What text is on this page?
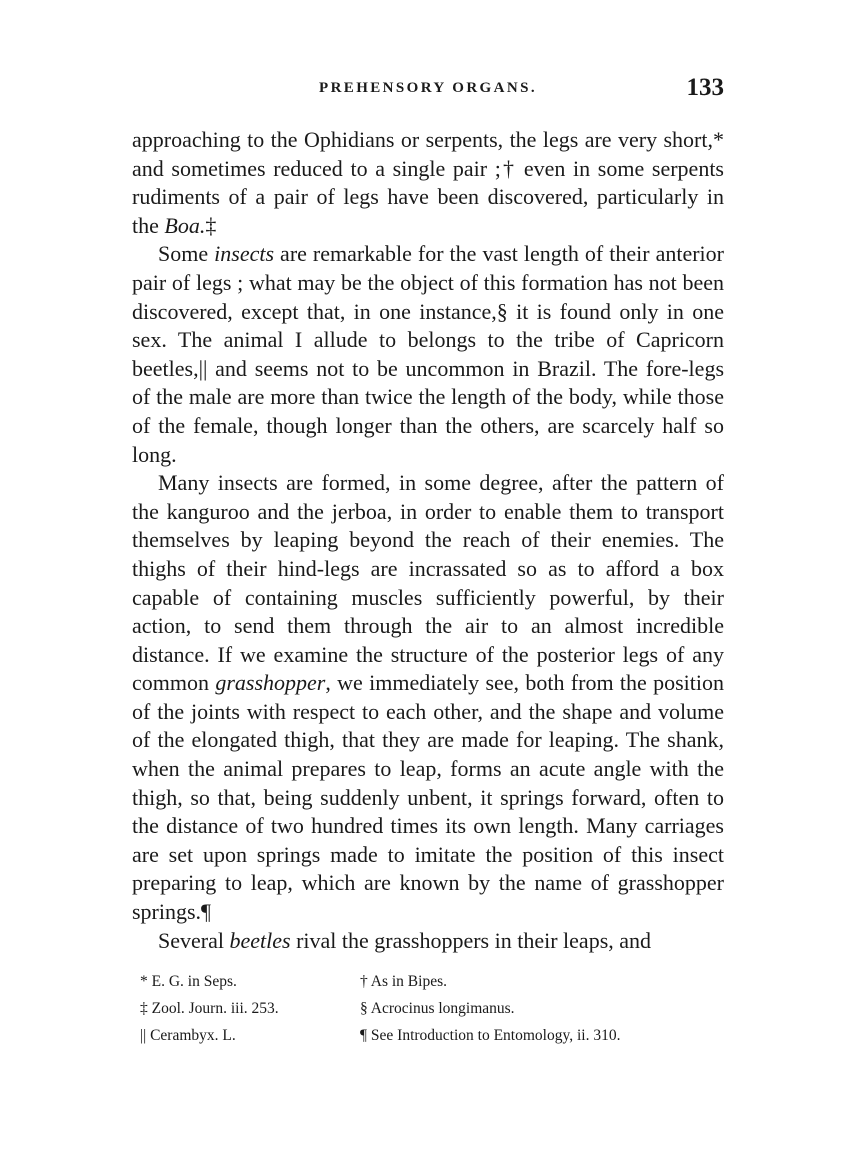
PREHENSORY ORGANS.	133

approaching to the Ophidians or serpents, the legs are very short,* and sometimes reduced to a single pair ;† even in some serpents rudiments of a pair of legs have been discovered, particularly in the Boa.‡

Some insects are remarkable for the vast length of their anterior pair of legs ; what may be the object of this formation has not been discovered, except that, in one instance,§ it is found only in one sex. The animal I allude to belongs to the tribe of Capricorn beetles,|| and seems not to be uncommon in Brazil. The fore-legs of the male are more than twice the length of the body, while those of the female, though longer than the others, are scarcely half so long.

Many insects are formed, in some degree, after the pattern of the kanguroo and the jerboa, in order to enable them to transport themselves by leaping beyond the reach of their enemies. The thighs of their hind-legs are incrassated so as to afford a box capable of containing muscles sufficiently powerful, by their action, to send them through the air to an almost incredible distance. If we examine the structure of the posterior legs of any common grasshopper, we immediately see, both from the position of the joints with respect to each other, and the shape and volume of the elongated thigh, that they are made for leaping. The shank, when the animal prepares to leap, forms an acute angle with the thigh, so that, being suddenly unbent, it springs forward, often to the distance of two hundred times its own length. Many carriages are set upon springs made to imitate the position of this insect preparing to leap, which are known by the name of grasshopper springs.¶

Several beetles rival the grasshoppers in their leaps, and

* E. G. in Seps.	† As in Bipes.
‡ Zool. Journ. iii. 253.	§ Acrocinus longimanus.
|| Cerambyx. L.	¶ See Introduction to Entomology, ii. 310.
